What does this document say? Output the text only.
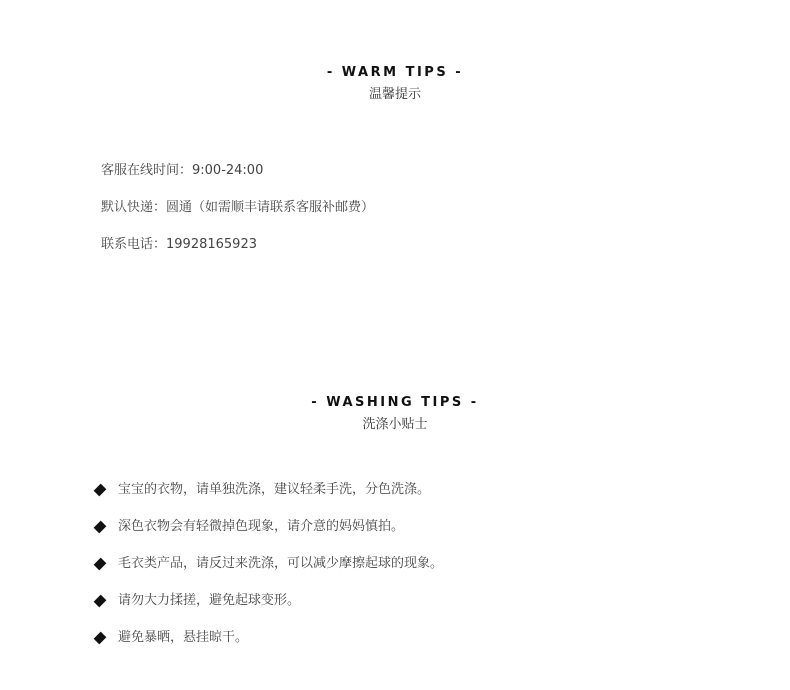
- WARM TIPS -
温馨提示
客服在线时间：9:00-24:00
默认快递：圆通（如需顺丰请联系客服补邮费）
联系电话：19928165923
- WASHING TIPS -
洗涤小贴士
宝宝的衣物，请单独洗涤，建议轻柔手洗，分色洗涤。
深色衣物会有轻微掉色现象，请介意的妈妈慎拍。
毛衣类产品，请反过来洗涤，可以减少摩擦起球的现象。
请勿大力揉搓，避免起球变形。
避免暴晒，悬挂晾干。
